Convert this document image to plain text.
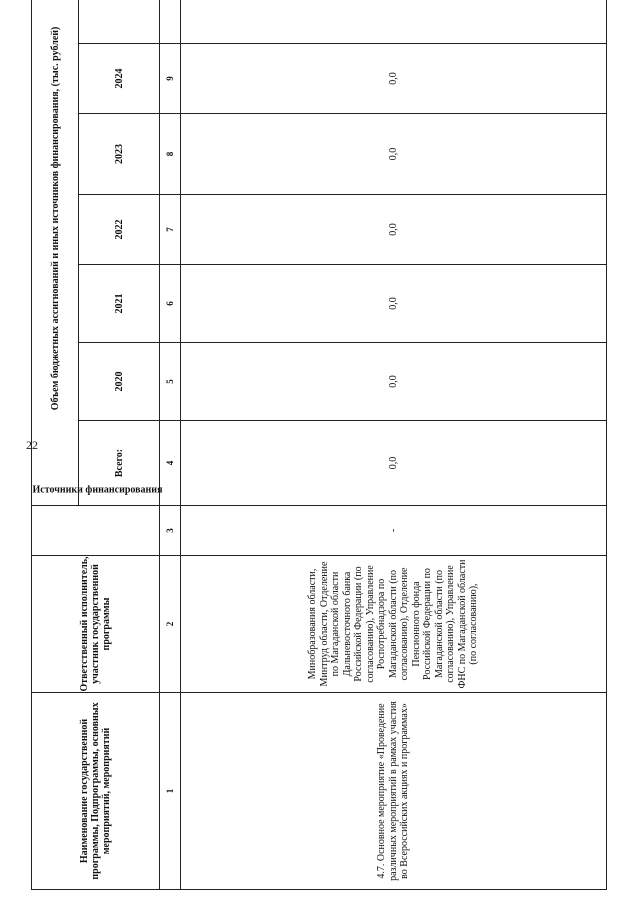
22
Наименование государственной программы, Подпрограммы, основных мероприятий, мероприятий	Ответственный исполнитель, участник государственной программы	Источники финансирования	Объем бюджетных ассигнований и иных источников финансирования, (тыс. рублей)						
			Всего:	2020	2021	2022	2023	2024	
1	2	3	4	5	6	7	8	9	

4.7. Основное мероприятие «Проведение различных мероприятий в рамках участия во Всероссийских акциях и программах»	Минобразования области, Минтруд области, Отделение по Магаданской области Дальневосточного банка Российской Федерации (по согласованию), Управление Роспотребнадзора по Магаданской области (по согласованию), Отделение Пенсионного фонда Российской Федерации по Магаданской области (по согласованию), Управление ФНС по Магаданской области (по согласованию),	-	0,0	0,0	0,0	0,0	0,0	0,0	
